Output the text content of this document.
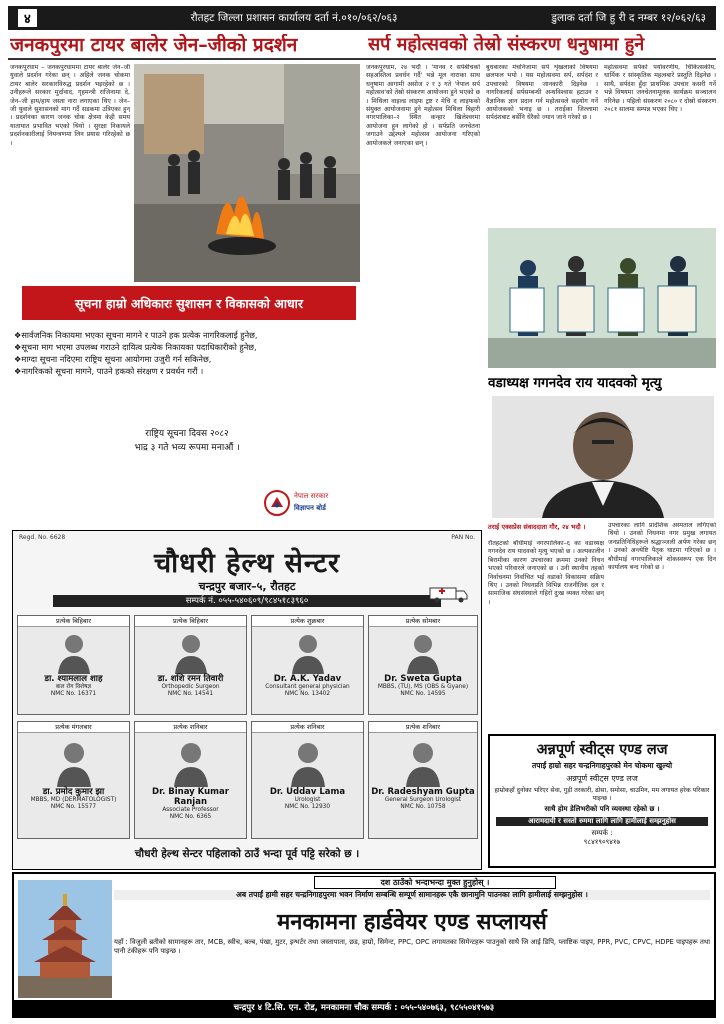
४	रौतहट जिल्ला प्रशासन कार्यालय दर्ता नं.०१०/०६२/०६३	डुलाक दर्ता जि हु री द नम्बर १२/०६२/६३
जनकपुरमा टायर बालेर जेन–जीको प्रदर्शन	सर्प महोत्सवको तेस्रो संस्करण धनुषामा हुने
जनकपुरधाम – जनकपुरधाममा टायर बालेर जेन–जी युवाले प्रदर्शन गरेका छन् । अहिले जनक चोकमा टायर बालेर सरकारविरुद्ध प्रदर्शन भइरहेको छ । उनीहरूले सरकार मुर्दावाद, गृहमन्त्री राजिनामा दे, जेन–जी हाय/हाय जस्ता नारा लगाएका थिए । जेन–जी युवाले सुशासनको माग गर्दै सडकमा उत्रिएका हुन् । प्रदर्शनका कारण जनक चोक क्षेत्रमा केही समय यातायात प्रभावित भएको थियो । सुरक्षा निकायले प्रदर्शनकारीलाई नियन्त्रणमा लिन प्रयास गरिरहेको छ ।
जनकपुरधाम, २४ भदौ । 'मानव र सर्पबीचको सहअस्तित्व प्रवर्धन गर्दै' भन्ने मूल नाराका साथ धनुषामा आगामी असोज २ र ३ गते 'नेपाल सर्प महोत्सव'को तेस्रो संस्करण आयोजना हुने भएको छ । मिथिला वाइल्ड लाइफ ट्रष्ट र मेचि द लाइफको संयुक्त आयोजनामा हुने महोत्सव मिथिला बिहारी नगरपालिका–२ स्थित कन्हार खिलेश्वरमा आयोजना हुन लागेको हो । सर्पप्रति जनचेतना जगाउने उद्देश्यले महोत्सव आयोजना गरिएको आयोजकले जनाएका छन् ।
बुधबारका मंचनिजामा सर्प शृंखलाको विषयमा छलफल भयो । यस महोत्सवमा सर्प, सर्पदंश र उपचारको विषयमा जानकारी दिइनेछ । नागरिकलाई सर्पसम्बन्धी अन्धविश्वास हटाउन र वैज्ञानिक ज्ञान प्रदान गर्न महोत्सवले सहयोग गर्ने आयोजकको भनाइ छ । तराईका जिल्लामा सर्पदंशबाट बर्सेनि धेरैको ज्यान जाने गरेको छ ।
महोत्सवमा सर्पको पर्यावरणीय, चिकित्सकीय, धार्मिक र सांस्कृतिक महत्वबारे प्रस्तुति दिइनेछ । साथै, सर्पदंश हुँदा प्राथमिक उपचार कसरी गर्ने भन्ने विषयमा जनचेतनामूलक कार्यक्रम सञ्चालन गरिनेछ । पहिलो संस्करण २०८० र दोस्रो संस्करण २०८१ सालमा सम्पन्न भएका थिए ।
वडाध्यक्ष गगनदेव राय यादवको मृत्यु
सूचना हाम्रो अधिकारः सुशासन र विकासको आधार
❖सार्वजनिक निकायमा भएका सूचना मागने र पाउने हक प्रत्येक नागरिकलाई हुनेछ,
❖सूचना माग भएमा उपलब्ध गराउने दायित्व प्रत्येक निकायका पदाधिकारीको हुनेछ,
❖माग्दा सूचना नदिएमा राष्ट्रिय सूचना आयोगमा उजुरी गर्न सकिनेछ,
❖नागरिकको सूचना मागने, पाउने हकको संरक्षण र प्रवर्धन गरौं ।
राष्ट्रिय सूचना दिवस २०८२
भाद्र ३ गते भव्य रूपमा मनाऔं ।
नेपाल सरकार
विज्ञापन बोर्ड
तराई एक्सप्रेस संवाददाता गौर, २४ भदौ ।
रौतहटको बौधीमाई नगरपालिका–६ का वडाध्यक्ष गगनदेव राय यादवको मृत्यु भएको छ । अल्पकालीन बिरामीका कारण उपचारका क्रममा उनको निधन भएको परिवारले जनाएको छ । उनी स्थानीय तहको निर्वाचनमा निर्वाचित भई वडाको विकासमा सक्रिय थिए । उनको निधनप्रति विभिन्न राजनीतिक दल र सामाजिक संघसंस्थाले गहिरो दुःख व्यक्त गरेका छन् ।
उपचारका लागि प्रादेशिक अस्पताल लगिएको थियो । उनको निधनमा नगर प्रमुख लगायत जनप्रतिनिधिहरूले श्रद्धाञ्जली अर्पण गरेका छन् । उनको अन्त्येष्टि पैतृक घाटमा गरिएको छ । बौधीमाई नगरपालिकाले शोकस्वरूप एक दिन कार्यालय बन्द गरेको छ ।
Regd. No. 6628	PAN No.
चौधरी हेल्थ सेन्टर
चन्द्रपुर बजार–५, रौतहट
सम्पर्क नं. ०५५-५४०६०९/९८४५१८३९६०
प्रत्येक बिहिबार
डा. श्यामलाल शाह
बाल रोग विशेषज्ञ
NMC No. 16371
प्रत्येक बिहिबार
डा. शशि रमन तिवारी
Orthopedic Surgeon
NMC No. 14541
प्रत्येक शुक्रबार
Dr. A.K. Yadav
Consultant general physician
NMC No. 13402
प्रत्येक सोमबार
Dr. Sweta Gupta
MBBS, (TU), MS (OBS & Gyane)
NMC No. 14595
प्रत्येक मंगलबार
डा. प्रमोद कुमार झा
MBBS, MD (DERMATOLOGIST)
NMC No. 15577
प्रत्येक शनिबार
Dr. Binay Kumar Ranjan
Associate Professor
NMC No. 6365
प्रत्येक शनिबार
Dr. Uddav Lama
Urologist
NMC No. 12930
प्रत्येक शनिबार
Dr. Radeshyam Gupta
General Surgeon Urologist
NMC No. 10758
चौधरी हेल्थ सेन्टर पहिलाको ठाउँ भन्दा पूर्व पट्टि सरेको छ ।
अन्नपूर्ण स्वीट्स एण्ड लज
तपाईं हाम्रो सहर चन्द्रनिगाहपुरको मेन चोकमा खुल्यो
अन्नपूर्ण स्वीट्स एण्ड लज
हाम्रोकहाँ दुनोका भरिएर सेवा, गुड़ी तरकारी, ढोसा, समोसा, चाउमिन, मम लगायत हरेक परिकार पाइन्छ ।
साथै होम डेलिभरीको पनि व्यवस्था रहेको छ ।
आरामदायी र सस्तो रुममा लागि लागि हामीलाई सम्झनुहोस
सम्पर्क :
९८४१९०९४१७
दश ठाउँको भन्दाभन्दा मुक्त हुनुहोस् ।
अब तपाईं हामी सहर चन्द्रनिगाहपुरमा भवन निर्माण सम्बन्धि सम्पूर्ण सामानहरू एकै छानामुनि पाउनका लागि हामीलाई सम्झनुहोस ।
मनकामना हार्डवेयर एण्ड सप्लायर्स
यहाँ : विजुली ब्रतीको सामानहरू तार, MCB, स्वीच, बल्ब, पंखा, मुटर, इन्भर्टर तथा जस्तापाता, छड, हाम्रो, सिमेन्ट, PPC, OPC लगायतका सिमेन्टहरू पाउनुको साथै जि आई डिपि, प्लाष्टिक पाइप, PPR, PVC, CPVC, HDPE पाइपहरू तथा पानी टंकीहरू पनि पाइन्छ ।
चन्द्रपुर ४ टि.सि. एन. रोड, मनकामना चौक सम्पर्क : ०५५-५४०७६३, ९८५५०४१५७३
